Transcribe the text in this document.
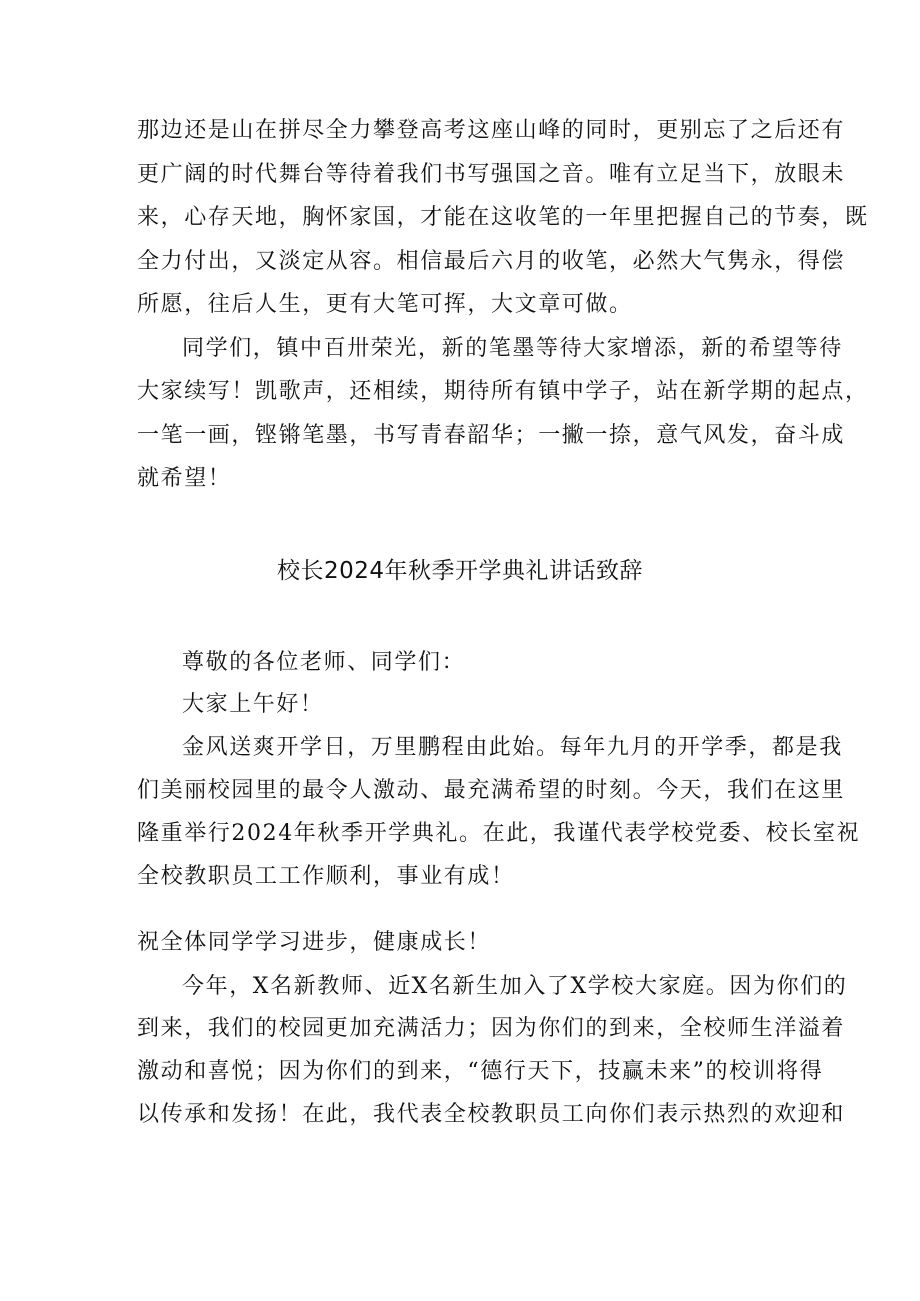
那边还是山在拼尽全力攀登高考这座山峰的同时，更别忘了之后还有
更广阔的时代舞台等待着我们书写强国之音。唯有立足当下，放眼未
来，心存天地，胸怀家国，才能在这收笔的一年里把握自己的节奏，既
全力付出，又淡定从容。相信最后六月的收笔，必然大气隽永，得偿
所愿，往后人生，更有大笔可挥，大文章可做。
同学们，镇中百卅荣光，新的笔墨等待大家增添，新的希望等待
大家续写！凯歌声，还相续，期待所有镇中学子，站在新学期的起点，
一笔一画，铿锵笔墨，书写青春韶华；一撇一捺，意气风发，奋斗成
就希望！
校长2024年秋季开学典礼讲话致辞
尊敬的各位老师、同学们：
大家上午好！
金风送爽开学日，万里鹏程由此始。每年九月的开学季，都是我
们美丽校园里的最令人激动、最充满希望的时刻。今天，我们在这里
隆重举行2024年秋季开学典礼。在此，我谨代表学校党委、校长室祝
全校教职员工工作顺利，事业有成！
祝全体同学学习进步，健康成长！
今年，X名新教师、近X名新生加入了X学校大家庭。因为你们的
到来，我们的校园更加充满活力；因为你们的到来，全校师生洋溢着
激动和喜悦；因为你们的到来，“德行天下，技赢未来”的校训将得
以传承和发扬！在此，我代表全校教职员工向你们表示热烈的欢迎和
